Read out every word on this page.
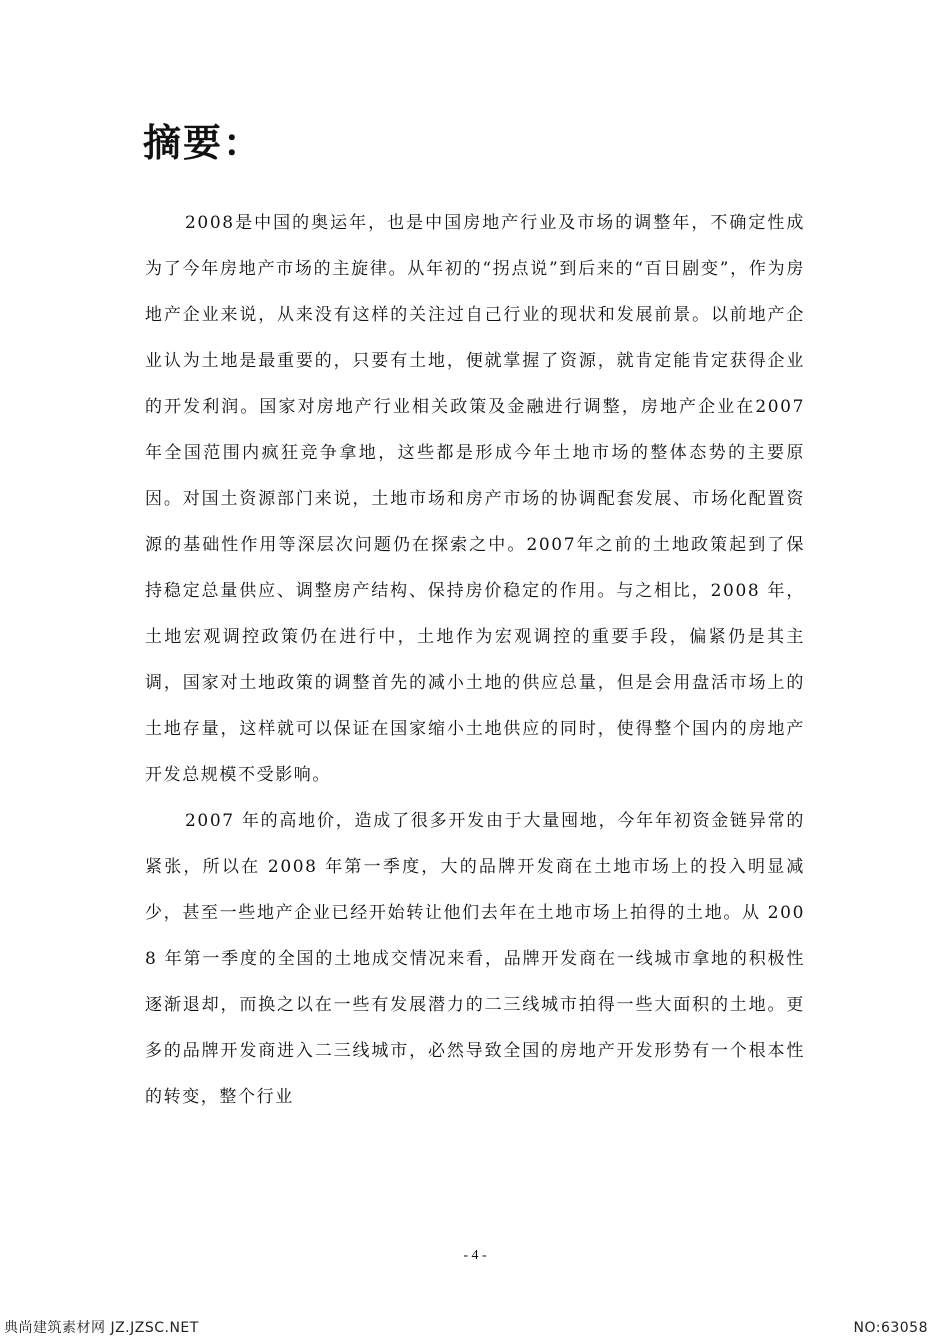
摘要：

2008是中国的奥运年，也是中国房地产行业及市场的调整年，不确定性成为了今年房地产市场的主旋律。从年初的“拐点说”到后来的“百日剧变”，作为房地产企业来说，从来没有这样的关注过自己行业的现状和发展前景。以前地产企业认为土地是最重要的，只要有土地，便就掌握了资源，就肯定能肯定获得企业的开发利润。国家对房地产行业相关政策及金融进行调整，房地产企业在2007 年全国范围内疯狂竞争拿地，这些都是形成今年土地市场的整体态势的主要原因。对国土资源部门来说，土地市场和房产市场的协调配套发展、市场化配置资源的基础性作用等深层次问题仍在探索之中。2007年之前的土地政策起到了保持稳定总量供应、调整房产结构、保持房价稳定的作用。与之相比，2008 年，土地宏观调控政策仍在进行中，土地作为宏观调控的重要手段，偏紧仍是其主调，国家对土地政策的调整首先的减小土地的供应总量，但是会用盘活市场上的土地存量，这样就可以保证在国家缩小土地供应的同时，使得整个国内的房地产开发总规模不受影响。

2007 年的高地价，造成了很多开发由于大量囤地，今年年初资金链异常的紧张，所以在 2008 年第一季度，大的品牌开发商在土地市场上的投入明显减少，甚至一些地产企业已经开始转让他们去年在土地市场上拍得的土地。从 2008 年第一季度的全国的土地成交情况来看，品牌开发商在一线城市拿地的积极性逐渐退却，而换之以在一些有发展潜力的二三线城市拍得一些大面积的土地。更多的品牌开发商进入二三线城市，必然导致全国的房地产开发形势有一个根本性的转变，整个行业

- 4 -
典尚建筑素材网 JZ.JZSC.NET	NO:63058
